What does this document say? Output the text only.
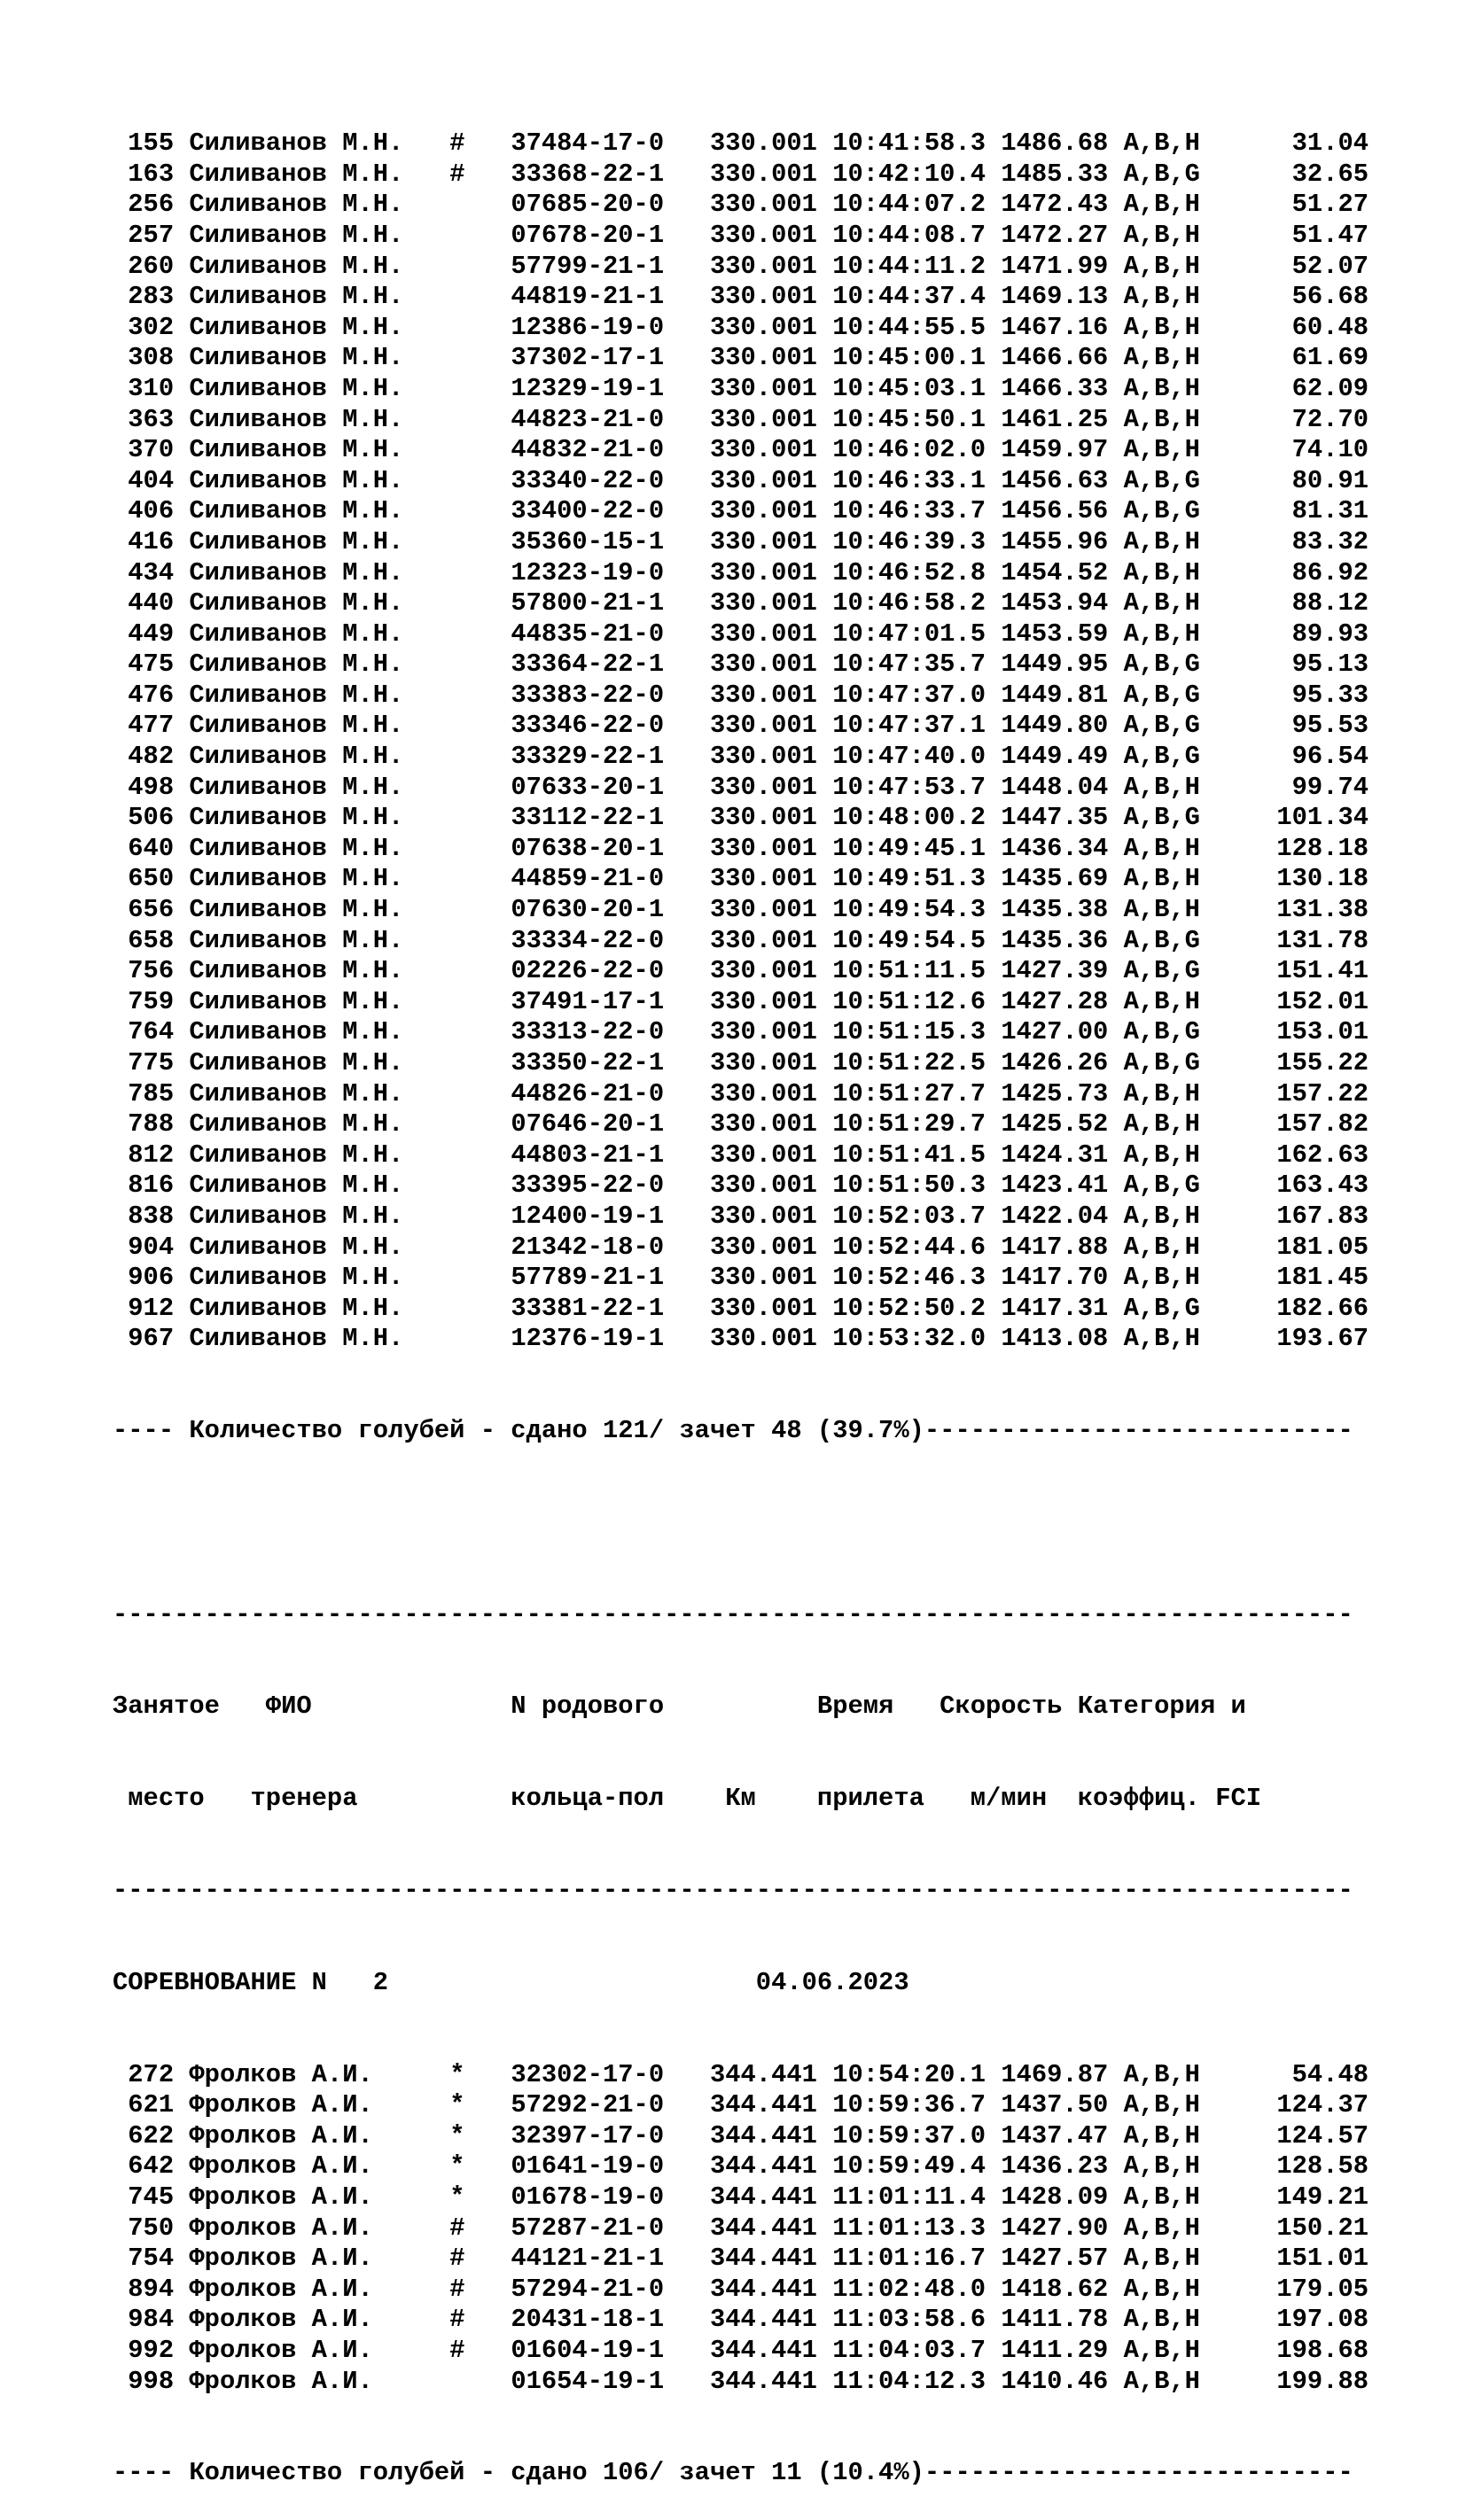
155 Силиванов М.Н.   #   37484-17-0   330.001 10:41:58.3 1486.68 A,B,H      31.04
163 Силиванов М.Н.   #   33368-22-1   330.001 10:42:10.4 1485.33 A,B,G      32.65
256 Силиванов М.Н.       07685-20-0   330.001 10:44:07.2 1472.43 A,B,H      51.27
257 Силиванов М.Н.       07678-20-1   330.001 10:44:08.7 1472.27 A,B,H      51.47
260 Силиванов М.Н.       57799-21-1   330.001 10:44:11.2 1471.99 A,B,H      52.07
283 Силиванов М.Н.       44819-21-1   330.001 10:44:37.4 1469.13 A,B,H      56.68
302 Силиванов М.Н.       12386-19-0   330.001 10:44:55.5 1467.16 A,B,H      60.48
308 Силиванов М.Н.       37302-17-1   330.001 10:45:00.1 1466.66 A,B,H      61.69
310 Силиванов М.Н.       12329-19-1   330.001 10:45:03.1 1466.33 A,B,H      62.09
363 Силиванов М.Н.       44823-21-0   330.001 10:45:50.1 1461.25 A,B,H      72.70
370 Силиванов М.Н.       44832-21-0   330.001 10:46:02.0 1459.97 A,B,H      74.10
404 Силиванов М.Н.       33340-22-0   330.001 10:46:33.1 1456.63 A,B,G      80.91
406 Силиванов М.Н.       33400-22-0   330.001 10:46:33.7 1456.56 A,B,G      81.31
416 Силиванов М.Н.       35360-15-1   330.001 10:46:39.3 1455.96 A,B,H      83.32
434 Силиванов М.Н.       12323-19-0   330.001 10:46:52.8 1454.52 A,B,H      86.92
440 Силиванов М.Н.       57800-21-1   330.001 10:46:58.2 1453.94 A,B,H      88.12
449 Силиванов М.Н.       44835-21-0   330.001 10:47:01.5 1453.59 A,B,H      89.93
475 Силиванов М.Н.       33364-22-1   330.001 10:47:35.7 1449.95 A,B,G      95.13
476 Силиванов М.Н.       33383-22-0   330.001 10:47:37.0 1449.81 A,B,G      95.33
477 Силиванов М.Н.       33346-22-0   330.001 10:47:37.1 1449.80 A,B,G      95.53
482 Силиванов М.Н.       33329-22-1   330.001 10:47:40.0 1449.49 A,B,G      96.54
498 Силиванов М.Н.       07633-20-1   330.001 10:47:53.7 1448.04 A,B,H      99.74
506 Силиванов М.Н.       33112-22-1   330.001 10:48:00.2 1447.35 A,B,G     101.34
640 Силиванов М.Н.       07638-20-1   330.001 10:49:45.1 1436.34 A,B,H     128.18
650 Силиванов М.Н.       44859-21-0   330.001 10:49:51.3 1435.69 A,B,H     130.18
656 Силиванов М.Н.       07630-20-1   330.001 10:49:54.3 1435.38 A,B,H     131.38
658 Силиванов М.Н.       33334-22-0   330.001 10:49:54.5 1435.36 A,B,G     131.78
756 Силиванов М.Н.       02226-22-0   330.001 10:51:11.5 1427.39 A,B,G     151.41
759 Силиванов М.Н.       37491-17-1   330.001 10:51:12.6 1427.28 A,B,H     152.01
764 Силиванов М.Н.       33313-22-0   330.001 10:51:15.3 1427.00 A,B,G     153.01
775 Силиванов М.Н.       33350-22-1   330.001 10:51:22.5 1426.26 A,B,G     155.22
785 Силиванов М.Н.       44826-21-0   330.001 10:51:27.7 1425.73 A,B,H     157.22
788 Силиванов М.Н.       07646-20-1   330.001 10:51:29.7 1425.52 A,B,H     157.82
812 Силиванов М.Н.       44803-21-1   330.001 10:51:41.5 1424.31 A,B,H     162.63
816 Силиванов М.Н.       33395-22-0   330.001 10:51:50.3 1423.41 A,B,G     163.43
838 Силиванов М.Н.       12400-19-1   330.001 10:52:03.7 1422.04 A,B,H     167.83
904 Силиванов М.Н.       21342-18-0   330.001 10:52:44.6 1417.88 A,B,H     181.05
906 Силиванов М.Н.       57789-21-1   330.001 10:52:46.3 1417.70 A,B,H     181.45
912 Силиванов М.Н.       33381-22-1   330.001 10:52:50.2 1417.31 A,B,G     182.66
967 Силиванов М.Н.       12376-19-1   330.001 10:53:32.0 1413.08 A,B,H     193.67

---- Количество голубей - сдано 121/ зачет 48 (39.7%)----------------------------

---------------------------------------------------------------------------------

Занятое   ФИО             N родового          Время   Скорость Категория и

место   тренера          кольца-пол    Км    прилета   м/мин  коэффиц. FCI

---------------------------------------------------------------------------------

СОРЕВНОВАНИЕ N   2                        04.06.2023

272 Фролков А.И.     *   32302-17-0   344.441 10:54:20.1 1469.87 A,B,H      54.48
621 Фролков А.И.     *   57292-21-0   344.441 10:59:36.7 1437.50 A,B,H     124.37
622 Фролков А.И.     *   32397-17-0   344.441 10:59:37.0 1437.47 A,B,H     124.57
642 Фролков А.И.     *   01641-19-0   344.441 10:59:49.4 1436.23 A,B,H     128.58
745 Фролков А.И.     *   01678-19-0   344.441 11:01:11.4 1428.09 A,B,H     149.21
750 Фролков А.И.     #   57287-21-0   344.441 11:01:13.3 1427.90 A,B,H     150.21
754 Фролков А.И.     #   44121-21-1   344.441 11:01:16.7 1427.57 A,B,H     151.01
894 Фролков А.И.     #   57294-21-0   344.441 11:02:48.0 1418.62 A,B,H     179.05
984 Фролков А.И.     #   20431-18-1   344.441 11:03:58.6 1411.78 A,B,H     197.08
992 Фролков А.И.     #   01604-19-1   344.441 11:04:03.7 1411.29 A,B,H     198.68
998 Фролков А.И.         01654-19-1   344.441 11:04:12.3 1410.46 A,B,H     199.88

---- Количество голубей - сдано 106/ зачет 11 (10.4%)----------------------------
